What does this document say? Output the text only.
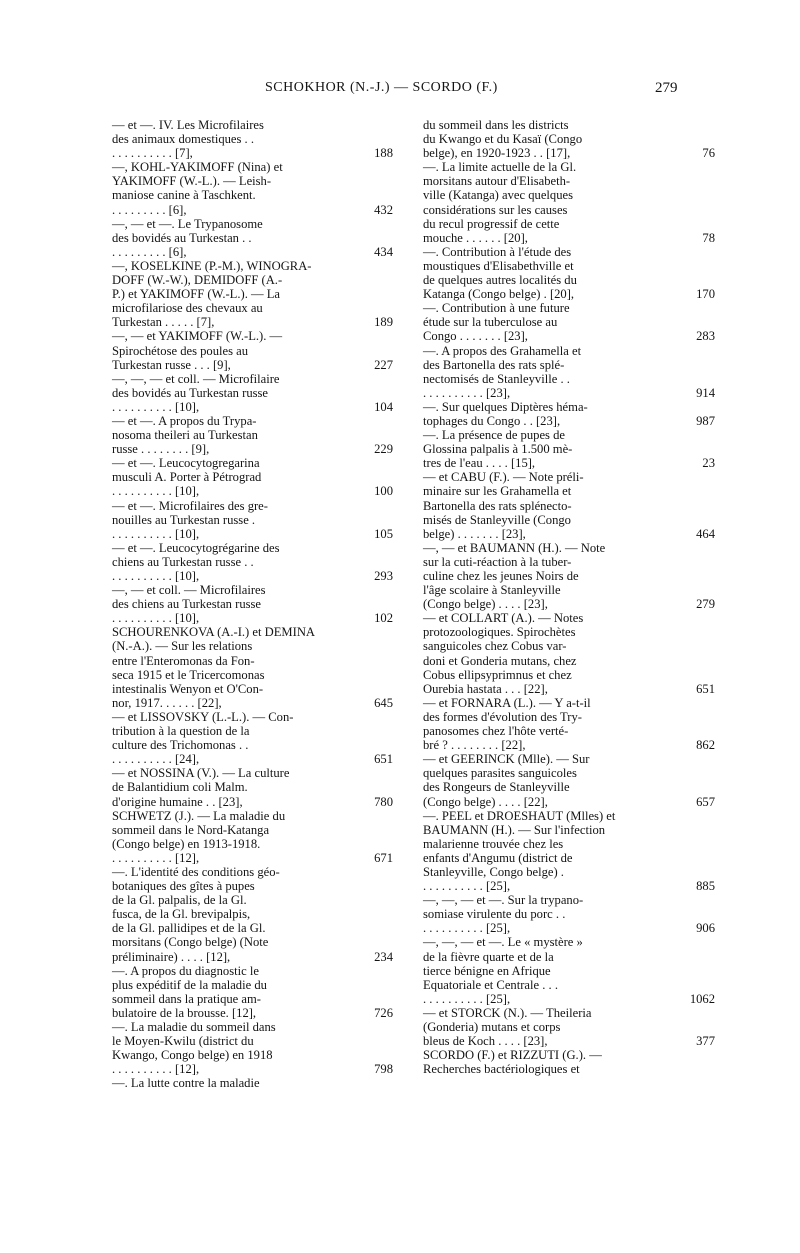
SCHOKHOR (N.-J.) — SCORDO (F.)	279
— et —. IV. Les Microfilaires
des animaux domestiques . .
. . . . . . . . . . [7],	188
—, KOHL-YAKIMOFF (Nina) et
YAKIMOFF (W.-L.). — Leish-
maniose canine à Taschkent.
. . . . . . . . . [6],	432
—, — et —. Le Trypanosome
des bovidés au Turkestan . .
. . . . . . . . . [6],	434
—, KOSELKINE (P.-M.), WINOGRA-
DOFF (W.-W.), DEMIDOFF (A.-
P.) et YAKIMOFF (W.-L.). — La
microfilariose des chevaux au
Turkestan . . . . . [7],	189
—, — et YAKIMOFF (W.-L.). —
Spirochétose des poules au
Turkestan russe . . . [9],	227
—, —, — et coll. — Microfilaire
des bovidés au Turkestan russe
. . . . . . . . . . [10],	104
— et —. A propos du Trypa-
nosoma theileri au Turkestan
russe . . . . . . . . [9],	229
— et —. Leucocytogregarina
musculi A. Porter à Pétrograd
. . . . . . . . . . [10],	100
— et —. Microfilaires des gre-
nouilles au Turkestan russe .
. . . . . . . . . . [10],	105
— et —. Leucocytogrégarine des
chiens au Turkestan russe . .
. . . . . . . . . . [10],	293
—, — et coll. — Microfilaires
des chiens au Turkestan russe
. . . . . . . . . . [10],	102
SCHOURENKOVA (A.-I.) et DEMINA
(N.-A.). — Sur les relations
entre l'Enteromonas da Fon-
seca 1915 et le Tricercomonas
intestinalis Wenyon et O'Con-
nor, 1917. . . . . . [22],	645
— et LISSOVSKY (L.-L.). — Con-
tribution à la question de la
culture des Trichomonas . .
. . . . . . . . . . [24],	651
— et NOSSINA (V.). — La culture
de Balantidium coli Malm.
d'origine humaine . . [23],	780
SCHWETZ (J.). — La maladie du
sommeil dans le Nord-Katanga
(Congo belge) en 1913-1918.
. . . . . . . . . . [12],	671
—. L'identité des conditions géo-
botaniques des gîtes à pupes
de la Gl. palpalis, de la Gl.
fusca, de la Gl. brevipalpis,
de la Gl. pallidipes et de la Gl.
morsitans (Congo belge) (Note
préliminaire) . . . . [12],	234
—. A propos du diagnostic le
plus expéditif de la maladie du
sommeil dans la pratique am-
bulatoire de la brousse. [12],	726
—. La maladie du sommeil dans
le Moyen-Kwilu (district du
Kwango, Congo belge) en 1918
. . . . . . . . . . [12],	798
—. La lutte contre la maladie
du sommeil dans les districts
du Kwango et du Kasaï (Congo
belge), en 1920-1923 . . [17],	76
—. La limite actuelle de la Gl.
morsitans autour d'Elisabeth-
ville (Katanga) avec quelques
considérations sur les causes
du recul progressif de cette
mouche . . . . . . [20],	78
—. Contribution à l'étude des
moustiques d'Elisabethville et
de quelques autres localités du
Katanga (Congo belge) . [20],	170
—. Contribution à une future
étude sur la tuberculose au
Congo . . . . . . . [23],	283
—. A propos des Grahamella et
des Bartonella des rats splé-
nectomisés de Stanleyville . .
. . . . . . . . . . [23],	914
—. Sur quelques Diptères héma-
tophages du Congo . . [23],	987
—. La présence de pupes de
Glossina palpalis à 1.500 mè-
tres de l'eau . . . . [15],	23
— et CABU (F.). — Note préli-
minaire sur les Grahamella et
Bartonella des rats splénecto-
misés de Stanleyville (Congo
belge) . . . . . . . [23],	464
—, — et BAUMANN (H.). — Note
sur la cuti-réaction à la tuber-
culine chez les jeunes Noirs de
l'âge scolaire à Stanleyville
(Congo belge) . . . . [23],	279
— et COLLART (A.). — Notes
protozoologiques. Spirochètes
sanguicoles chez Cobus var-
doni et Gonderia mutans, chez
Cobus ellipsyprimnus et chez
Ourebia hastata . . . [22],	651
— et FORNARA (L.). — Y a-t-il
des formes d'évolution des Try-
panosomes chez l'hôte verté-
bré ? . . . . . . . . [22],	862
— et GEERINCK (Mlle). — Sur
quelques parasites sanguicoles
des Rongeurs de Stanleyville
(Congo belge) . . . . [22],	657
—. PEEL et DROESHAUT (Mlles) et
BAUMANN (H.). — Sur l'infection
malarienne trouvée chez les
enfants d'Angumu (district de
Stanleyville, Congo belge) .
. . . . . . . . . . [25],	885
—, —, — et —. Sur la trypano-
somiase virulente du porc . .
. . . . . . . . . . [25],	906
—, —, — et —. Le « mystère »
de la fièvre quarte et de la
tierce bénigne en Afrique
Equatoriale et Centrale . . .
. . . . . . . . . . [25],	1062
— et STORCK (N.). — Theileria
(Gonderia) mutans et corps
bleus de Koch . . . . [23],	377
SCORDO (F.) et RIZZUTI (G.). —
Recherches bactériologiques et
